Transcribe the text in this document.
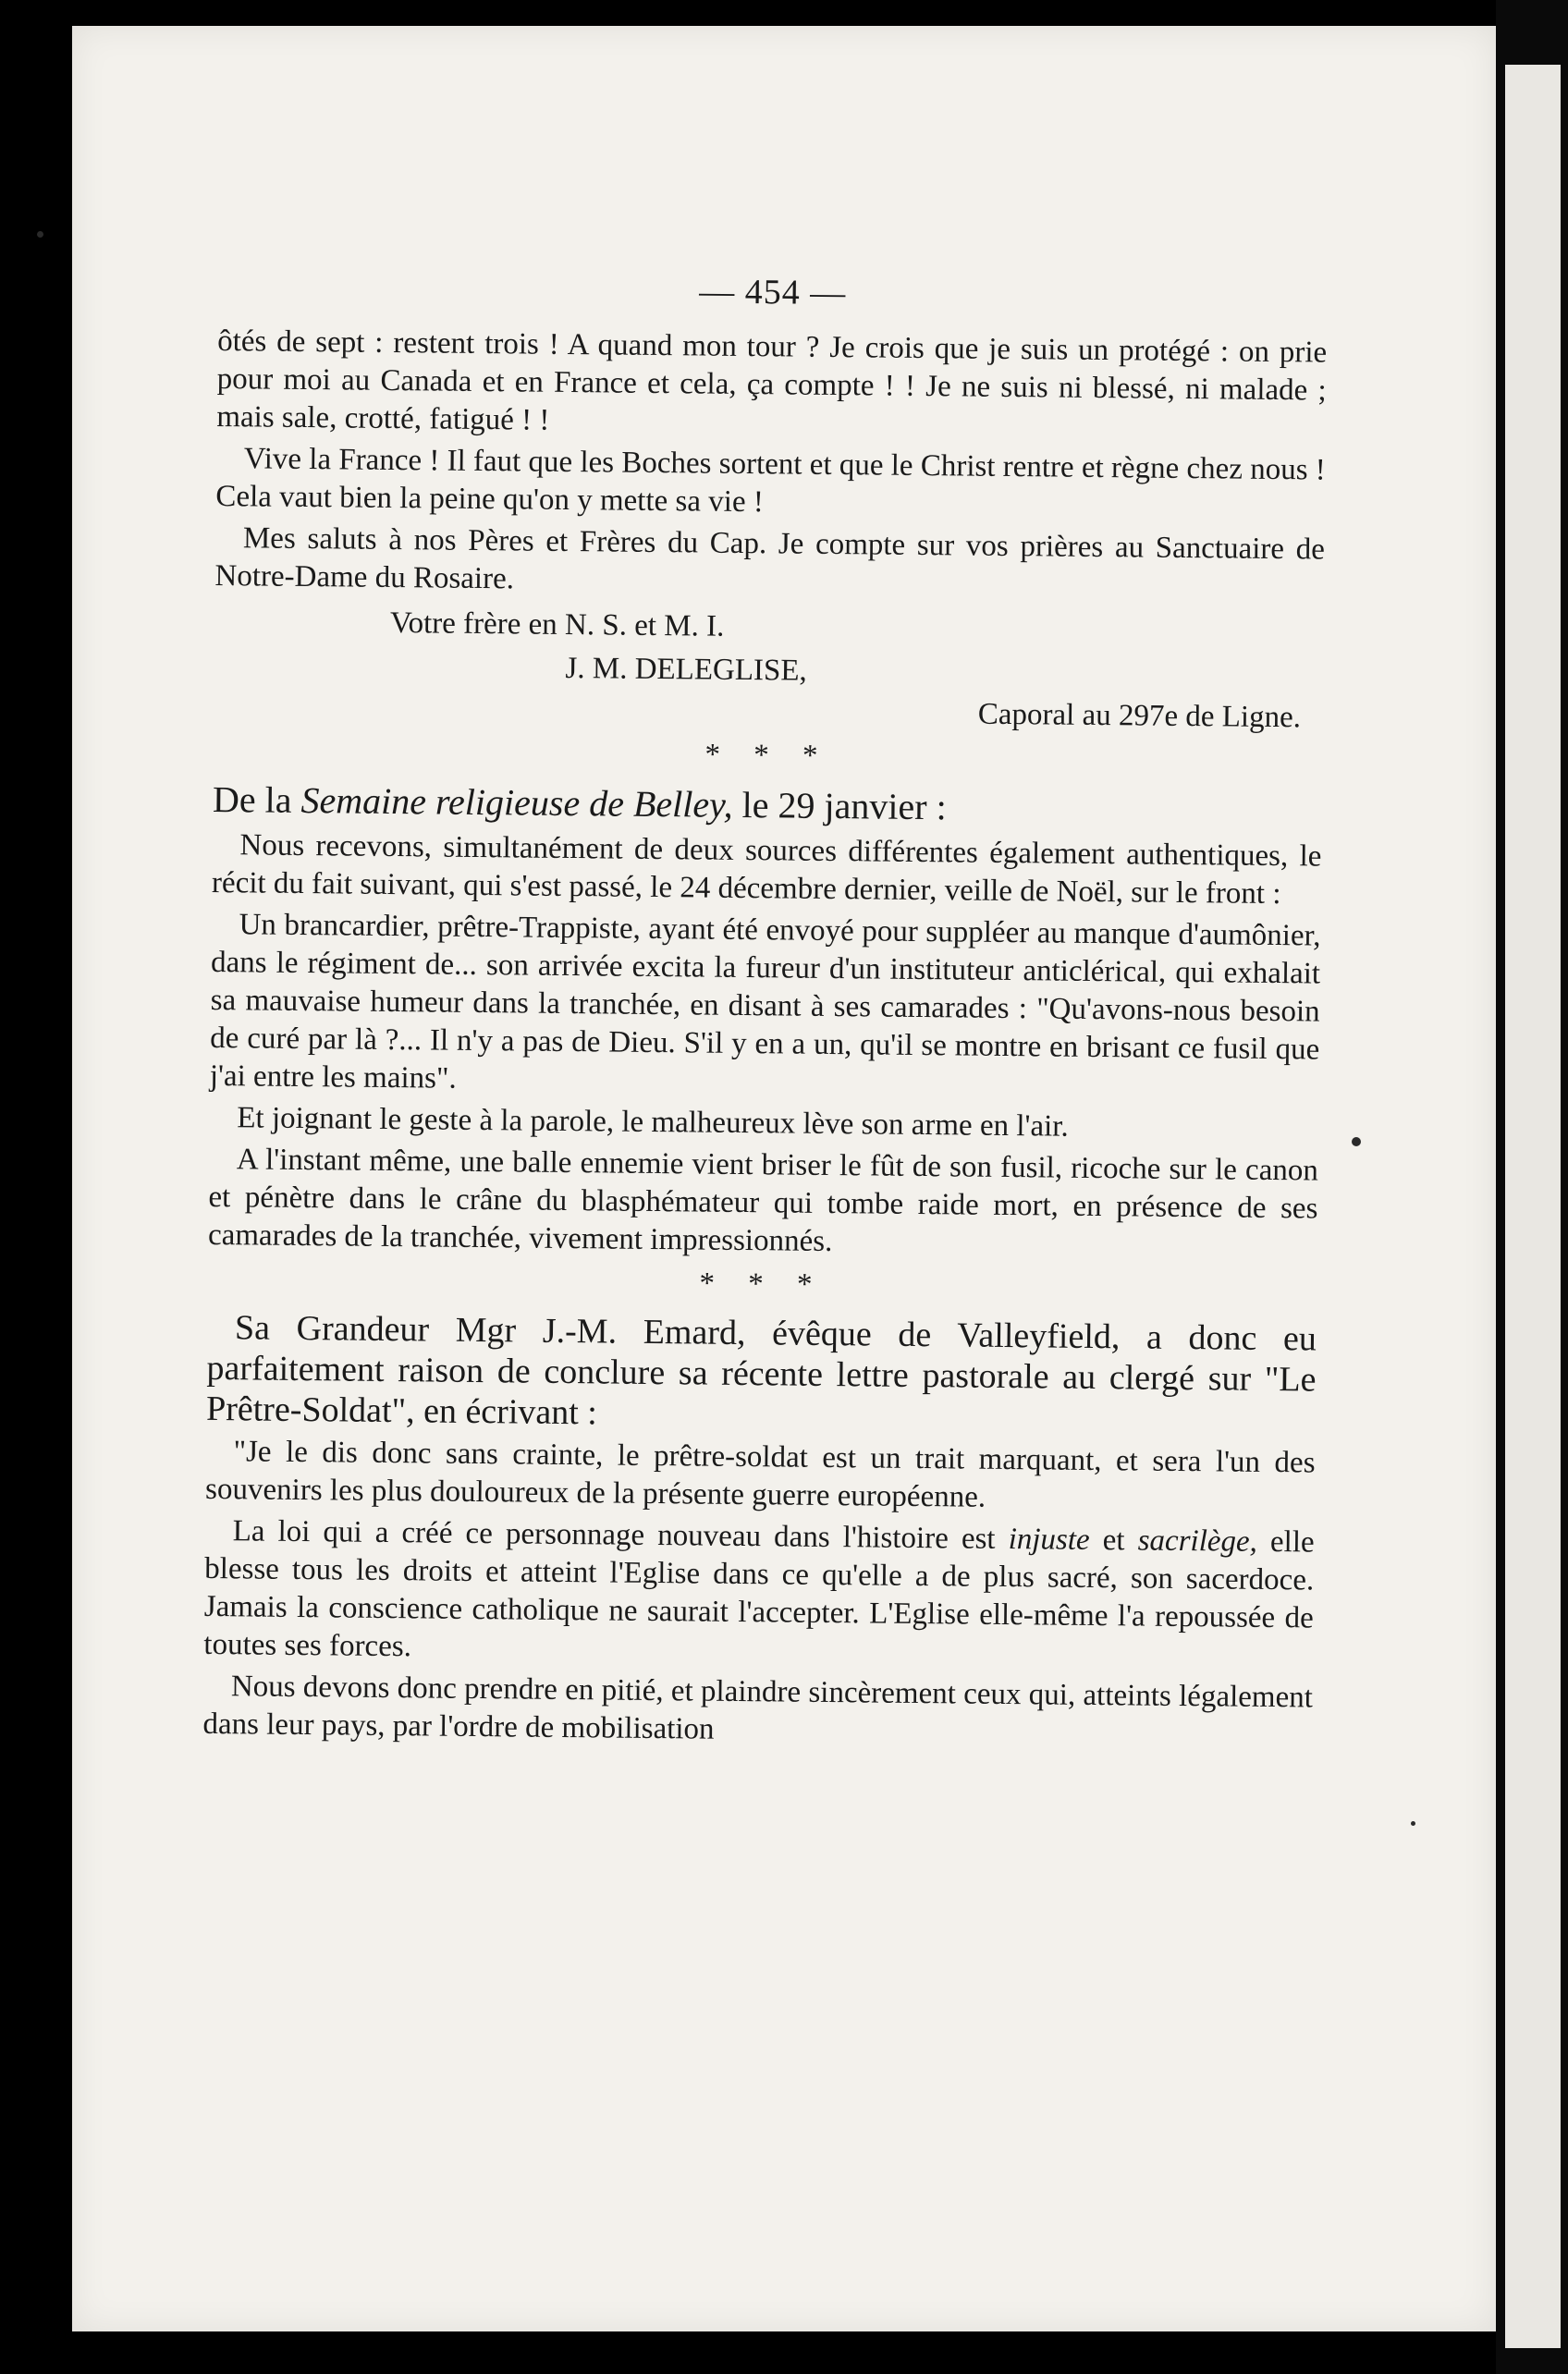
— 454 —

ôtés de sept : restent trois ! A quand mon tour ? Je crois que je suis un protégé : on prie pour moi au Canada et en France et cela, ça compte ! ! Je ne suis ni blessé, ni malade ; mais sale, crotté, fatigué ! !

Vive la France ! Il faut que les Boches sortent et que le Christ rentre et règne chez nous ! Cela vaut bien la peine qu'on y mette sa vie !

Mes saluts à nos Pères et Frères du Cap. Je compte sur vos prières au Sanctuaire de Notre-Dame du Rosaire.

Votre frère en N. S. et M. I.
J. M. DELEGLISE,
Caporal au 297e de Ligne.
* * *
De la Semaine religieuse de Belley, le 29 janvier :

Nous recevons, simultanément de deux sources différentes également authentiques, le récit du fait suivant, qui s'est passé, le 24 décembre dernier, veille de Noël, sur le front :

Un brancardier, prêtre-Trappiste, ayant été envoyé pour suppléer au manque d'aumônier, dans le régiment de... son arrivée excita la fureur d'un instituteur anticlérical, qui exhalait sa mauvaise humeur dans la tranchée, en disant à ses camarades : "Qu'avons-nous besoin de curé par là ?... Il n'y a pas de Dieu. S'il y en a un, qu'il se montre en brisant ce fusil que j'ai entre les mains".

Et joignant le geste à la parole, le malheureux lève son arme en l'air.

A l'instant même, une balle ennemie vient briser le fût de son fusil, ricoche sur le canon et pénètre dans le crâne du blasphémateur qui tombe raide mort, en présence de ses camarades de la tranchée, vivement impressionnés.

* * *

Sa Grandeur Mgr J.-M. Emard, évêque de Valleyfield, a donc eu parfaitement raison de conclure sa récente lettre pastorale au clergé sur "Le Prêtre-Soldat", en écrivant :

"Je le dis donc sans crainte, le prêtre-soldat est un trait marquant, et sera l'un des souvenirs les plus douloureux de la présente guerre européenne.

La loi qui a créé ce personnage nouveau dans l'histoire est injuste et sacrilège, elle blesse tous les droits et atteint l'Eglise dans ce qu'elle a de plus sacré, son sacerdoce. Jamais la conscience catholique ne saurait l'accepter. L'Eglise elle-même l'a repoussée de toutes ses forces.

Nous devons donc prendre en pitié, et plaindre sincèrement ceux qui, atteints légalement dans leur pays, par l'ordre de mobilisation
